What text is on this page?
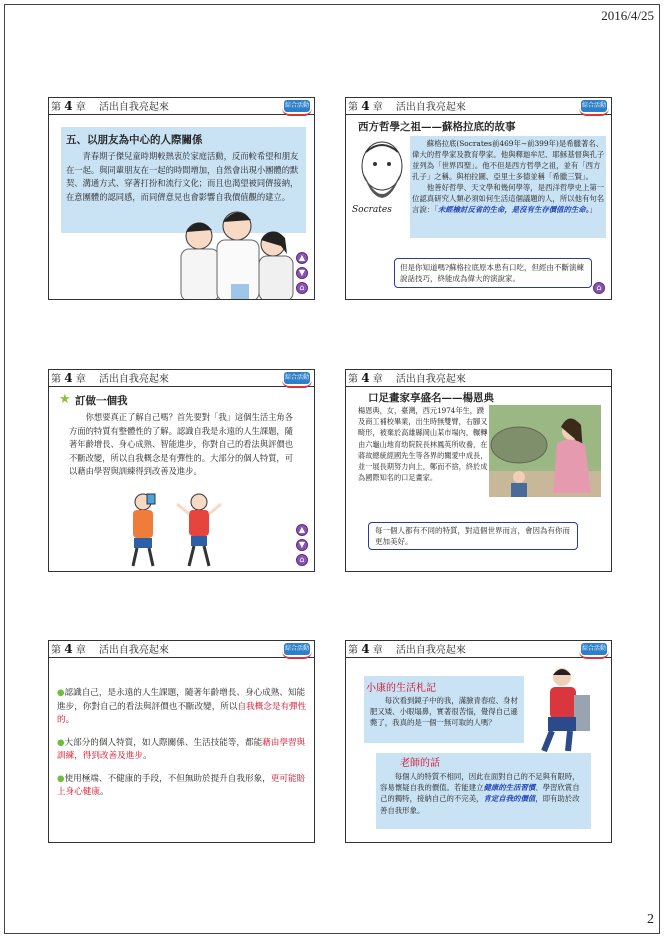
2016/4/25
2
第 4 章 活出自我亮起來	綜合活動
五、以朋友為中心的人際關係
青春期子傑兒童時期較熱衷於家庭活動，反而較希望和朋友在一起。與同輩朋友在一起的時間增加，自然會出現小團體的默契、溝通方式、穿著打扮和流行文化；而且也渴望被同儕接納，在意團體的認同感，而同儕意見也會影響自我價值觀的建立。
▲
▼
⌂
第 4 章 活出自我亮起來	綜合活動
西方哲學之祖——蘇格拉底的故事
Socrates
蘇格拉底(Socrates前469年∼前399年)是希臘著名、偉大的哲學家及教育學家。他與釋迦牟尼、耶穌基督與孔子並列為「世界四聖」。他不但是西方哲學之祖，並有「西方孔子」之稱。與柏拉圖、亞里士多德並稱「希臘三賢」。
他善好哲學、天文學和幾何學等，是西洋哲學史上第一位認真研究人類必須如何生活這個議題的人，所以他有句名言說：「未經檢討反省的生命，是沒有生存價值的生命。」
但是你知道嗎?蘇格拉底原本患有口吃，但經由不斷演練說話技巧，終能成為偉大的演說家。
⌂
第 4 章 活出自我亮起來	綜合活動
★ 訂做一個我
你想要真正了解自己嗎？首先要對「我」這個生活主角各方面的特質有整體性的了解。認識自我是永遠的人生課題，隨著年齡增長、身心成熟、智能進步，你對自己的看法與評價也不斷改變，所以自我概念是有彈性的。大部分的個人特質，可以藉由學習與訓練得到改善及進步。
▲
▼
⌂
第 4 章 活出自我亮起來
口足畫家享盛名——楊恩典
楊恩典，女，臺灣，西元1974年生，蹼及商工補校畢業，出生時無雙臂，右腳又畸形，被棄於高雄縣岡山某市場內，輾轉由六龜山地育幼院院長林鳳英所收養，在蔣故總統經國先生等各界的關愛中成長，並一展長期努力向上，鄭而不捨，終於成為國際知名的口足畫家。
每一個人都有不同的特質，對這個世界而言，會因為有你而更加美好。
第 4 章 活出自我亮起來	綜合活動
●認識自己，是永遠的人生課題，隨著年齡增長、身心成熟、知能進步，你對自己的看法與評價也不斷改變，所以自我概念是有彈性的。
●大部分的個人特質，如人際關係、生活技能等，都能藉由學習與訓練，得到改善及進步。
●使用極端、不健康的手段，不但無助於提升自我形象，更可能賠上身心健康。
第 4 章 活出自我亮起來	綜合活動
小康的生活札記
每次看到鏡子中的我，滿臉青春痘、身材肥又矮、小眼塌鼻，實著很苦惱，覺得自己遜斃了，我真的是一個一無可取的人嗎？
老師的話
每個人的特質不相同，因此在面對自己的不足與有限時，容易懷疑自我的價值。若能建立健康的生活習慣、學習欣賞自己的獨特，接納自己的不完美，肯定自我的價值，即有助於改善自我形象。
